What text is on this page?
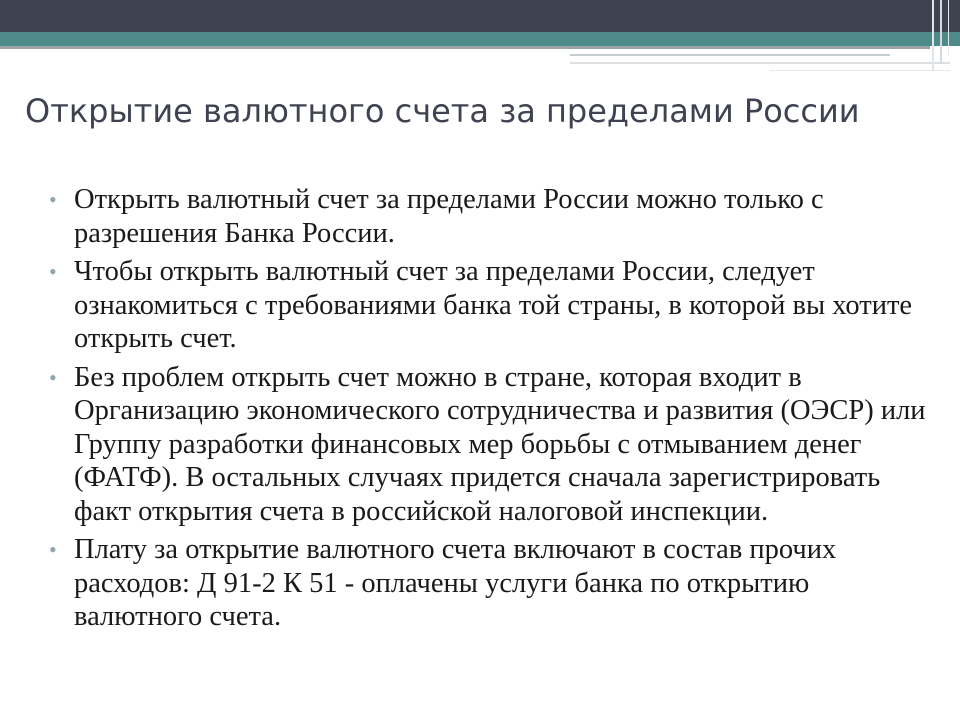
Открытие валютного счета за пределами России
• Открыть валютный счет за пределами России можно только с разрешения Банка России.
• Чтобы открыть валютный счет за пределами России, следует ознакомиться с требованиями банка той страны, в которой вы хотите открыть счет.
• Без проблем открыть счет можно в стране, которая входит в Организацию экономического сотрудничества и развития (ОЭСР) или Группу разработки финансовых мер борьбы с отмыванием денег (ФАТФ). В остальных случаях придется сначала зарегистрировать факт открытия счета в российской налоговой инспекции.
• Плату за открытие валютного счета включают в состав прочих расходов: Д 91-2 К 51 - оплачены услуги банка по открытию валютного счета.
